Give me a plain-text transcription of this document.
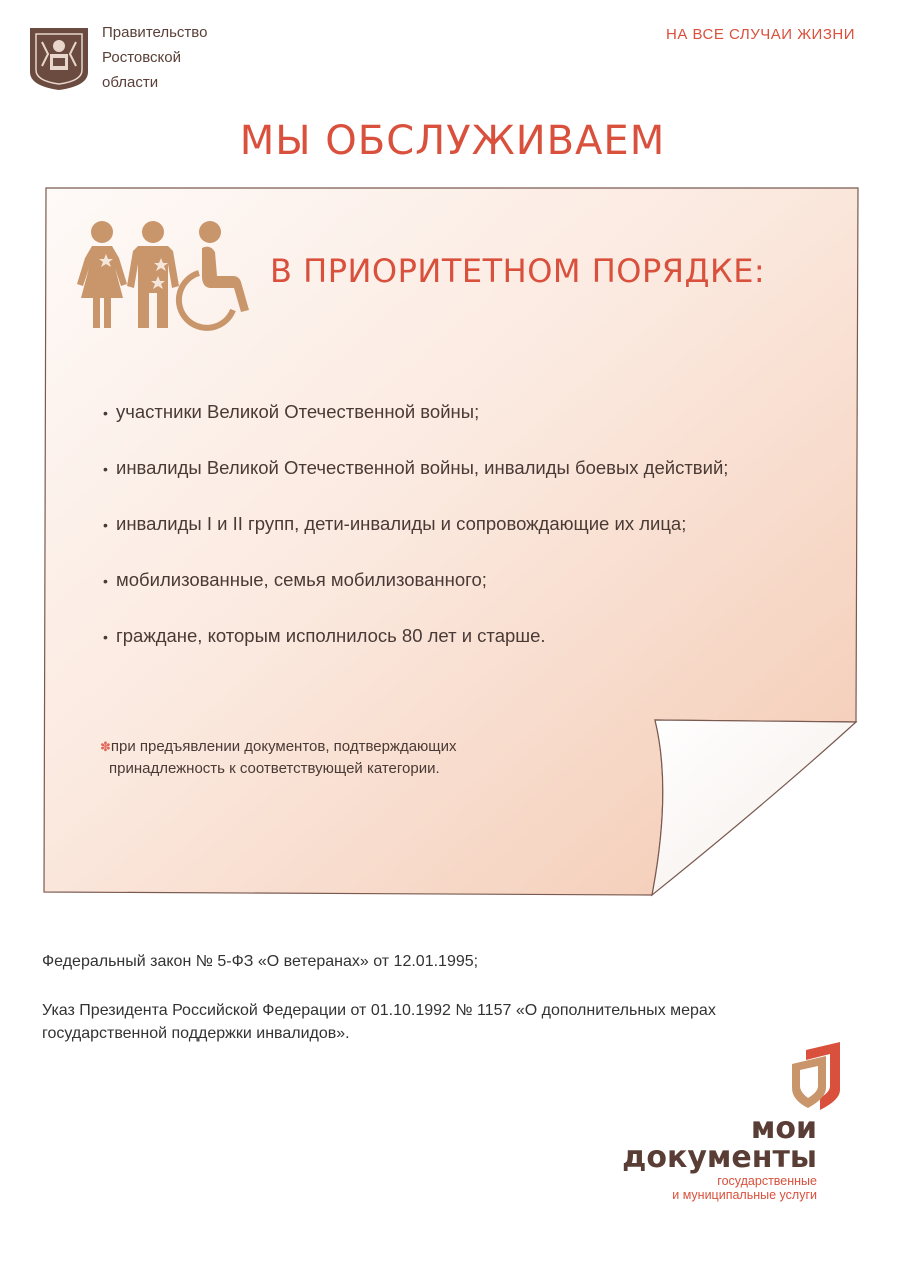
Правительство
Ростовской
области
НА ВСЕ СЛУЧАИ ЖИЗНИ
МЫ ОБСЛУЖИВАЕМ
В ПРИОРИТЕТНОМ ПОРЯДКЕ:
• участники Великой Отечественной войны;
• инвалиды Великой Отечественной войны, инвалиды боевых действий;
• инвалиды I и II групп, дети-инвалиды и сопровождающие их лица;
• мобилизованные, семья мобилизованного;
• граждане, которым исполнилось 80 лет и старше.
✽при предъявлении документов, подтверждающих
принадлежность к соответствующей категории.
Федеральный закон № 5-ФЗ «О ветеранах» от 12.01.1995;
Указ Президента Российской Федерации от 01.10.1992 № 1157 «О дополнительных мерах
государственной поддержки инвалидов».
мои
документы
государственные
и муниципальные услуги
